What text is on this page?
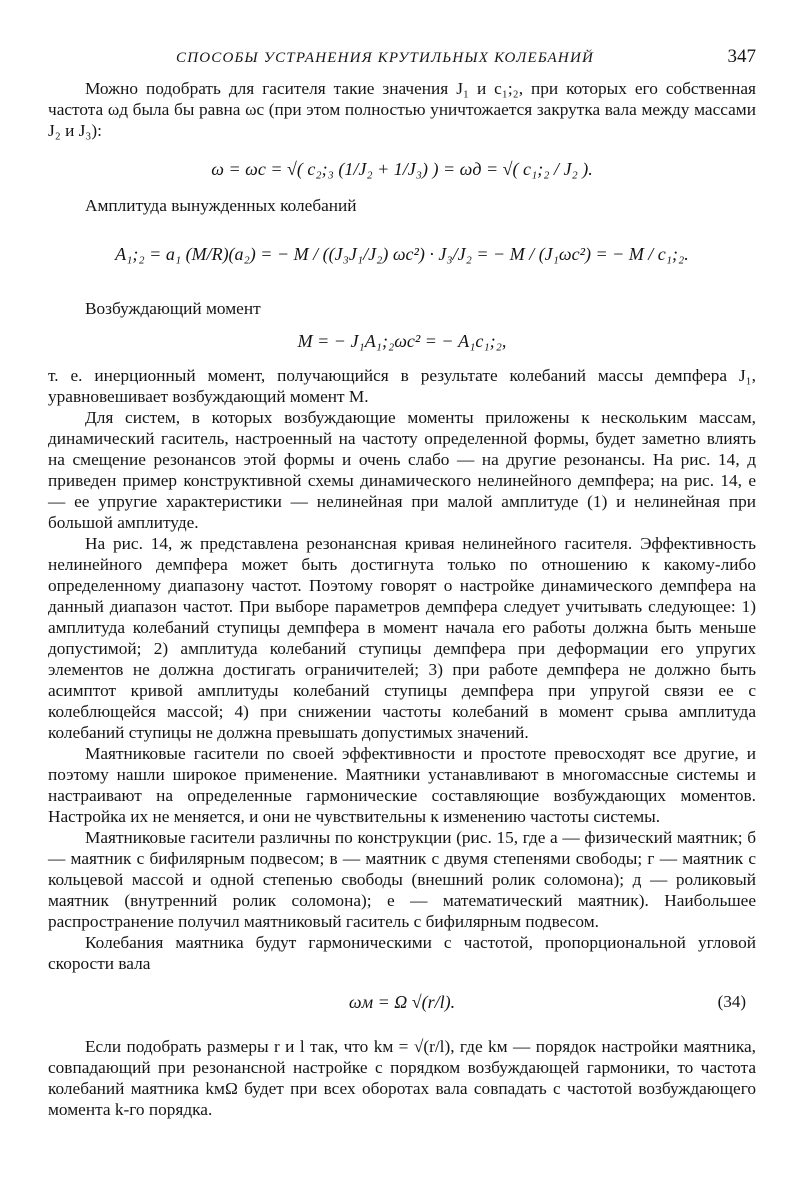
СПОСОБЫ УСТРАНЕНИЯ КРУТИЛЬНЫХ КОЛЕБАНИЙ	347

Можно подобрать для гасителя такие значения J₁ и c₁;₂, при которых его собственная частота ωд была бы равна ωс (при этом полностью уничтожается закрутка вала между массами J₂ и J₃):

ω = ωс = √( c₂;₃ (1/J₂ + 1/J₃) ) = ωд = √( c₁;₂ / J₂ ).

Амплитуда вынужденных колебаний

A₁;₂ = a₁ (M/R)(a₂) = − M / ((J₃J₁/J₂) ωс²) · J₃/J₂ = − M / (J₁ωс²) = − M / c₁;₂.

Возбуждающий момент

M = − J₁A₁;₂ωс² = − A₁c₁;₂,

т. е. инерционный момент, получающийся в результате колебаний массы демпфера J₁, уравновешивает возбуждающий момент M.

Для систем, в которых возбуждающие моменты приложены к нескольким массам, динамический гаситель, настроенный на частоту определенной формы, будет заметно влиять на смещение резонансов этой формы и очень слабо — на другие резонансы. На рис. 14, д приведен пример конструктивной схемы динамического нелинейного демпфера; на рис. 14, е — ее упругие характеристики — нелинейная при малой амплитуде (1) и нелинейная при большой амплитуде.

На рис. 14, ж представлена резонансная кривая нелинейного гасителя. Эффективность нелинейного демпфера может быть достигнута только по отношению к какому-либо определенному диапазону частот. Поэтому говорят о настройке динамического демпфера на данный диапазон частот. При выборе параметров демпфера следует учитывать следующее: 1) амплитуда колебаний ступицы демпфера в момент начала его работы должна быть меньше допустимой; 2) амплитуда колебаний ступицы демпфера при деформации его упругих элементов не должна достигать ограничителей; 3) при работе демпфера не должно быть асимптот кривой амплитуды колебаний ступицы демпфера при упругой связи ее с колеблющейся массой; 4) при снижении частоты колебаний в момент срыва амплитуда колебаний ступицы не должна превышать допустимых значений.

Маятниковые гасители по своей эффективности и простоте превосходят все другие, и поэтому нашли широкое применение. Маятники устанавливают в многомассные системы и настраивают на определенные гармонические составляющие возбуждающих моментов. Настройка их не меняется, и они не чувствительны к изменению частоты системы.

Маятниковые гасители различны по конструкции (рис. 15, где а — физический маятник; б — маятник с бифилярным подвесом; в — маятник с двумя степенями свободы; г — маятник с кольцевой массой и одной степенью свободы (внешний ролик соломона); д — роликовый маятник (внутренний ролик соломона); е — математический маятник). Наибольшее распространение получил маятниковый гаситель с бифилярным подвесом.

Колебания маятника будут гармоническими с частотой, пропорциональной угловой скорости вала

ωм = Ω √(r/l).	(34)

Если подобрать размеры r и l так, что kм = √(r/l), где kм — порядок настройки маятника, совпадающий при резонансной настройке с порядком возбуждающей гармоники, то частота колебаний маятника kмΩ будет при всех оборотах вала совпадать с частотой возбуждающего момента k-го порядка.
